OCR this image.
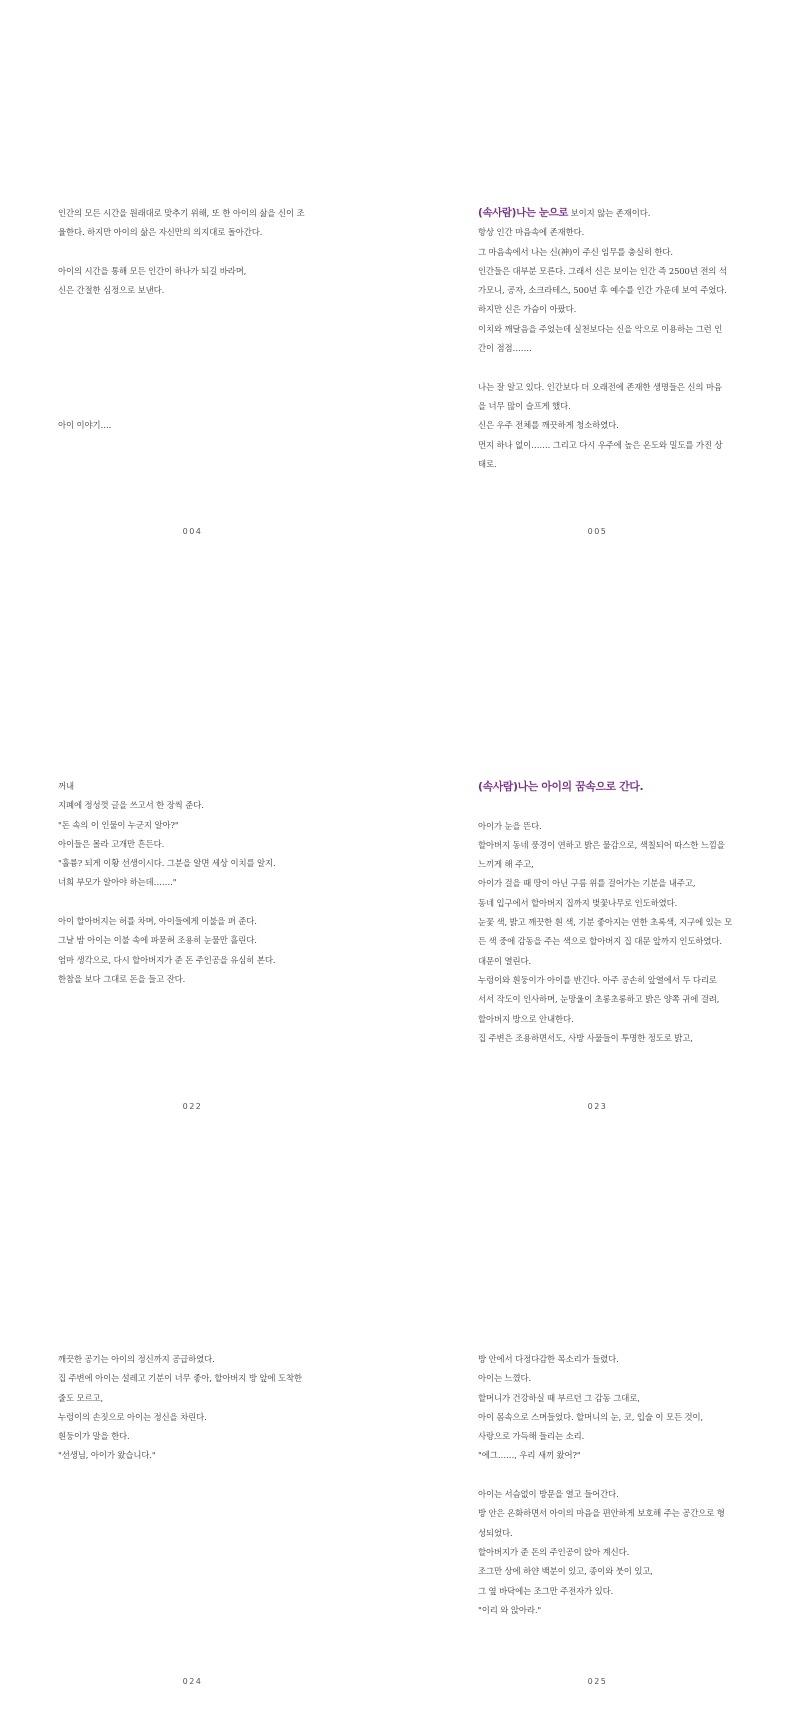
인간의 모든 시간을 원래대로 맞추기 위해, 또 한 아이의 삶을 신이 조
율한다. 하지만 아이의 삶은 자신만의 의지대로 돌아간다.
아이의 시간을 통해 모든 인간이 하나가 되길 바라며,
신은 간절한 심정으로 보낸다.
아이 이야기….
004
(속사람)나는 눈으로 보이지 않는 존재이다.
항상 인간 마음속에 존재한다.
그 마음속에서 나는 신(神)이 주신 임무를 충실히 한다.
인간들은 대부분 모른다. 그래서 신은 보이는 인간 즉 2500년 전의 석
가모니, 공자, 소크라테스, 500년 후 예수를 인간 가운데 보여 주었다.
하지만 신은 가슴이 아팠다.
이치와 깨달음을 주었는데 실천보다는 신을 악으로 이용하는 그런 인
간이 점점…….
나는 잘 알고 있다. 인간보다 더 오래전에 존재한 생명들은 신의 마음
을 너무 많이 슬프게 했다.
신은 우주 전체를 깨끗하게 청소하였다.
먼지 하나 없이……. 그리고 다시 우주에 높은 온도와 밀도를 가진 상
태로.
005
꺼내
지폐에 정성껏 글을 쓰고서 한 장씩 준다.
"돈 속의 이 인물이 누군지 알아?"
아이들은 몰라 고개만 흔든다.
"훌륭? 되게 이황 선생이시다. 그분을 알면 세상 이치를 알지.
너희 부모가 알아야 하는데……."
아이 할아버지는 허를 차며, 아이들에게 이불을 펴 준다.
그날 밤 아이는 이불 속에 파묻혀 조용히 눈물만 흘린다.
엄마 생각으로, 다시 할아버지가 준 돈 주인공을 유심히 본다.
한참을 보다 그대로 돈을 들고 잔다.
022
(속사람)나는 아이의 꿈속으로 간다.
아이가 눈을 뜬다.
할아버지 동네 풍경이 연하고 밝은 물감으로, 색칠되어 따스한 느낌을
느끼게 해 주고,
아이가 걸을 때 땅이 아닌 구름 위를 걸어가는 기분을 내주고,
동네 입구에서 할아버지 집까지 벚꽃나무로 인도하였다.
눈꽃 색, 밝고 깨끗한 흰 색, 기분 좋아지는 연한 초록색, 지구에 있는 모
든 색 중에 감동을 주는 색으로 할아버지 집 대문 앞까지 인도하였다.
대문이 열린다.
누렁이와 흰둥이가 아이를 반긴다. 아주 공손히 앞열에서 두 다리로
서서 작도이 인사하며, 눈망울이 초롱초롱하고 밝은 양쪽 귀에 걸려,
할아버지 방으로 안내한다.
집 주변은 조용하면서도, 사방 사물들이 투명한 정도로 밝고,
023
깨끗한 공기는 아이의 정신까지 공급하였다.
집 주변에 아이는 설레고 기분이 너무 좋아, 할아버지 방 앞에 도착한
줄도 모르고,
누렁이의 손짓으로 아이는 정신을 차린다.
흰둥이가 말을 한다.
"선생님, 아이가 왔습니다."
024
방 안에서 다정다감한 목소리가 들렸다.
아이는 느꼈다.
할머니가 건강하실 때 부르던 그 감동 그대로,
아이 몸속으로 스며들었다. 할머니의 눈, 코, 입술 이 모든 것이,
사랑으로 가득해 들리는 소리.
"에그……, 우리 새끼 왔어?"
아이는 서슴없이 방문을 열고 들어간다.
방 안은 온화하면서 아이의 마음을 편안하게 보호해 주는 공간으로 형
성되었다.
할아버지가 준 돈의 주인공이 앉아 계신다.
조그만 상에 하얀 백분이 있고, 종이와 붓이 있고,
그 옆 바닥에는 조그만 주전자가 있다.
"이리 와 앉아라."
025
